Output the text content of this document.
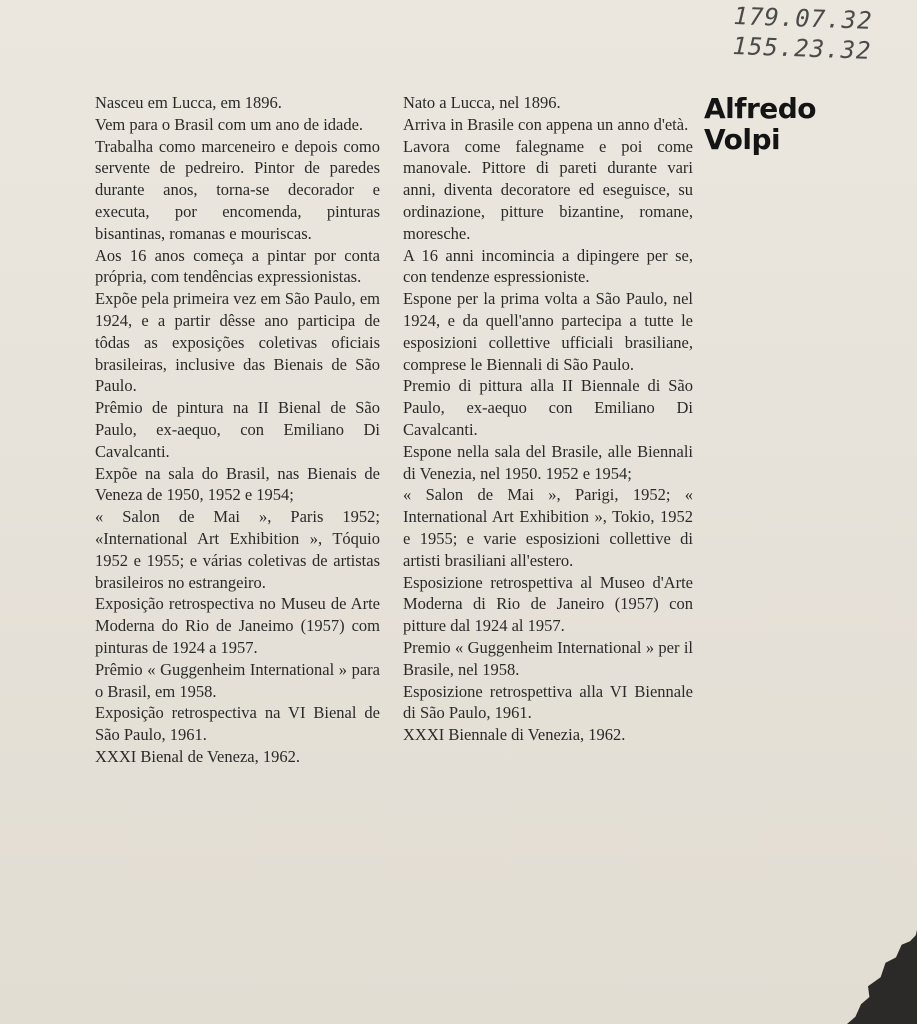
179.07.32
155.23.32
Alfredo
Volpi

Nasceu em Lucca, em 1896.

Vem para o Brasil com um ano de idade.

Trabalha como marceneiro e depois como servente de pedreiro. Pintor de paredes durante anos, torna-se decorador e executa, por encomenda, pinturas bisantinas, romanas e mouriscas.

Aos 16 anos começa a pintar por conta própria, com tendências expressionistas.

Expõe pela primeira vez em São Paulo, em 1924, e a partir dêsse ano participa de tôdas as exposições coletivas oficiais brasileiras, inclusive das Bienais de São Paulo.

Prêmio de pintura na II Bienal de São Paulo, ex-aequo, con Emiliano Di Cavalcanti.

Expõe na sala do Brasil, nas Bienais de Veneza de 1950, 1952 e 1954;

« Salon de Mai », Paris 1952; «International Art Exhibition », Tóquio 1952 e 1955; e várias coletivas de artistas brasileiros no estrangeiro.

Exposição retrospectiva no Museu de Arte Moderna do Rio de Janeimo (1957) com pinturas de 1924 a 1957.

Prêmio « Guggenheim International » para o Brasil, em 1958.

Exposição retrospectiva na VI Bienal de São Paulo, 1961.

XXXI Bienal de Veneza, 1962.

Nato a Lucca, nel 1896.

Arriva in Brasile con appena un anno d'età.

Lavora come falegname e poi come manovale. Pittore di pareti durante vari anni, diventa decoratore ed eseguisce, su ordinazione, pitture bizantine, romane, moresche.

A 16 anni incomincia a dipingere per se, con tendenze espressioniste.

Espone per la prima volta a São Paulo, nel 1924, e da quell'anno partecipa a tutte le esposizioni collettive ufficiali brasiliane, comprese le Biennali di São Paulo.

Premio di pittura alla II Biennale di São Paulo, ex-aequo con Emiliano Di Cavalcanti.

Espone nella sala del Brasile, alle Biennali di Venezia, nel 1950. 1952 e 1954;

« Salon de Mai », Parigi, 1952; « International Art Exhibition », Tokio, 1952 e 1955; e varie esposizioni collettive di artisti brasiliani all'estero.

Esposizione retrospettiva al Museo d'Arte Moderna di Rio de Janeiro (1957) con pitture dal 1924 al 1957.

Premio « Guggenheim International » per il Brasile, nel 1958.

Esposizione retrospettiva alla VI Biennale di São Paulo, 1961.

XXXI Biennale di Venezia, 1962.
